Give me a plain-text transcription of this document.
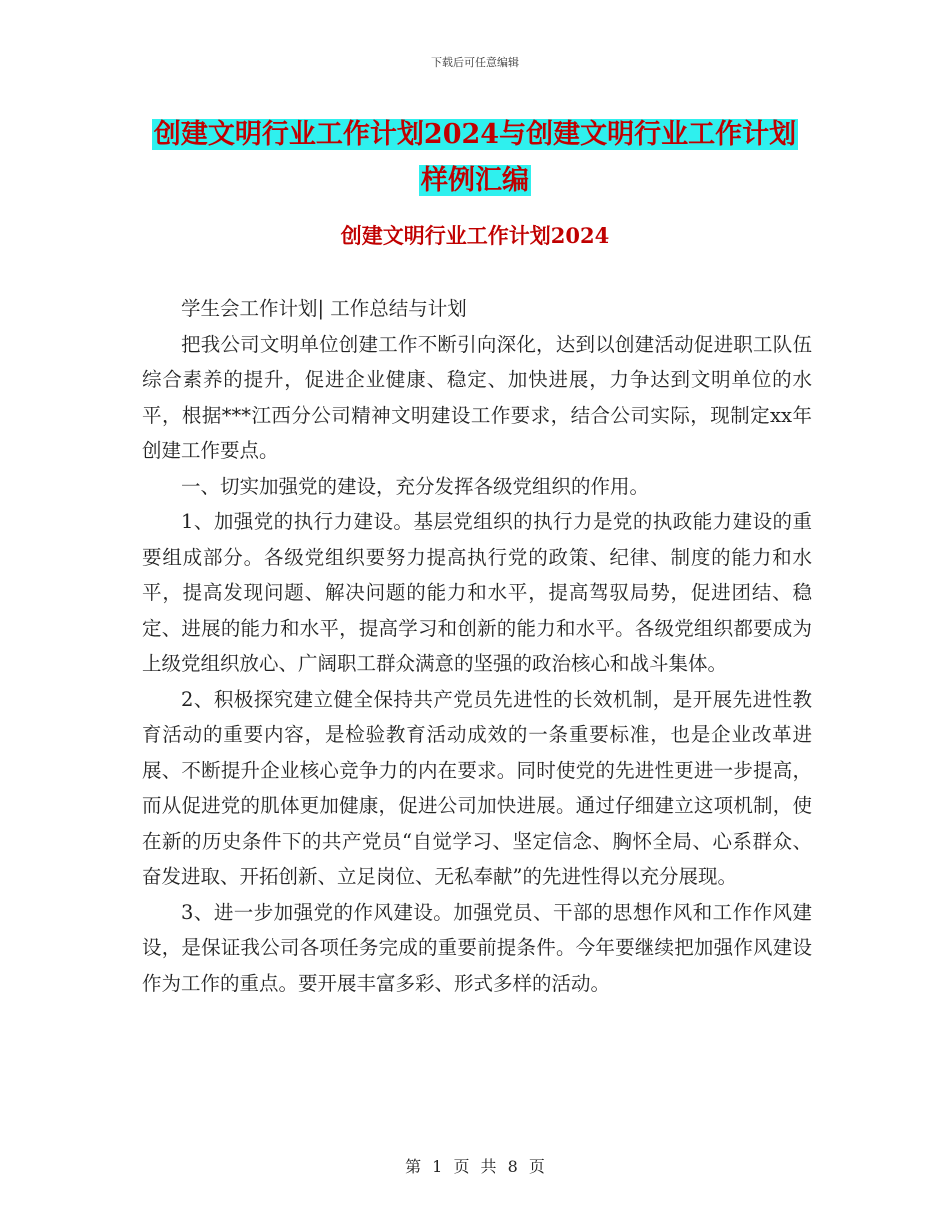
下载后可任意编辑
创建文明行业工作计划2024与创建文明行业工作计划
样例汇编
创建文明行业工作计划2024

学生会工作计划| 工作总结与计划

把我公司文明单位创建工作不断引向深化，达到以创建活动促进职工队伍综合素养的提升，促进企业健康、稳定、加快进展，力争达到文明单位的水平，根据***江西分公司精神文明建设工作要求，结合公司实际，现制定xx年创建工作要点。

一、切实加强党的建设，充分发挥各级党组织的作用。

1、加强党的执行力建设。基层党组织的执行力是党的执政能力建设的重要组成部分。各级党组织要努力提高执行党的政策、纪律、制度的能力和水平，提高发现问题、解决问题的能力和水平，提高驾驭局势，促进团结、稳定、进展的能力和水平，提高学习和创新的能力和水平。各级党组织都要成为上级党组织放心、广阔职工群众满意的坚强的政治核心和战斗集体。

2、积极探究建立健全保持共产党员先进性的长效机制，是开展先进性教育活动的重要内容，是检验教育活动成效的一条重要标准，也是企业改革进展、不断提升企业核心竞争力的内在要求。同时使党的先进性更进一步提高，而从促进党的肌体更加健康，促进公司加快进展。通过仔细建立这项机制，使在新的历史条件下的共产党员“自觉学习、坚定信念、胸怀全局、心系群众、奋发进取、开拓创新、立足岗位、无私奉献”的先进性得以充分展现。

3、进一步加强党的作风建设。加强党员、干部的思想作风和工作作风建设，是保证我公司各项任务完成的重要前提条件。今年要继续把加强作风建设作为工作的重点。要开展丰富多彩、形式多样的活动。

第 1 页 共 8 页
